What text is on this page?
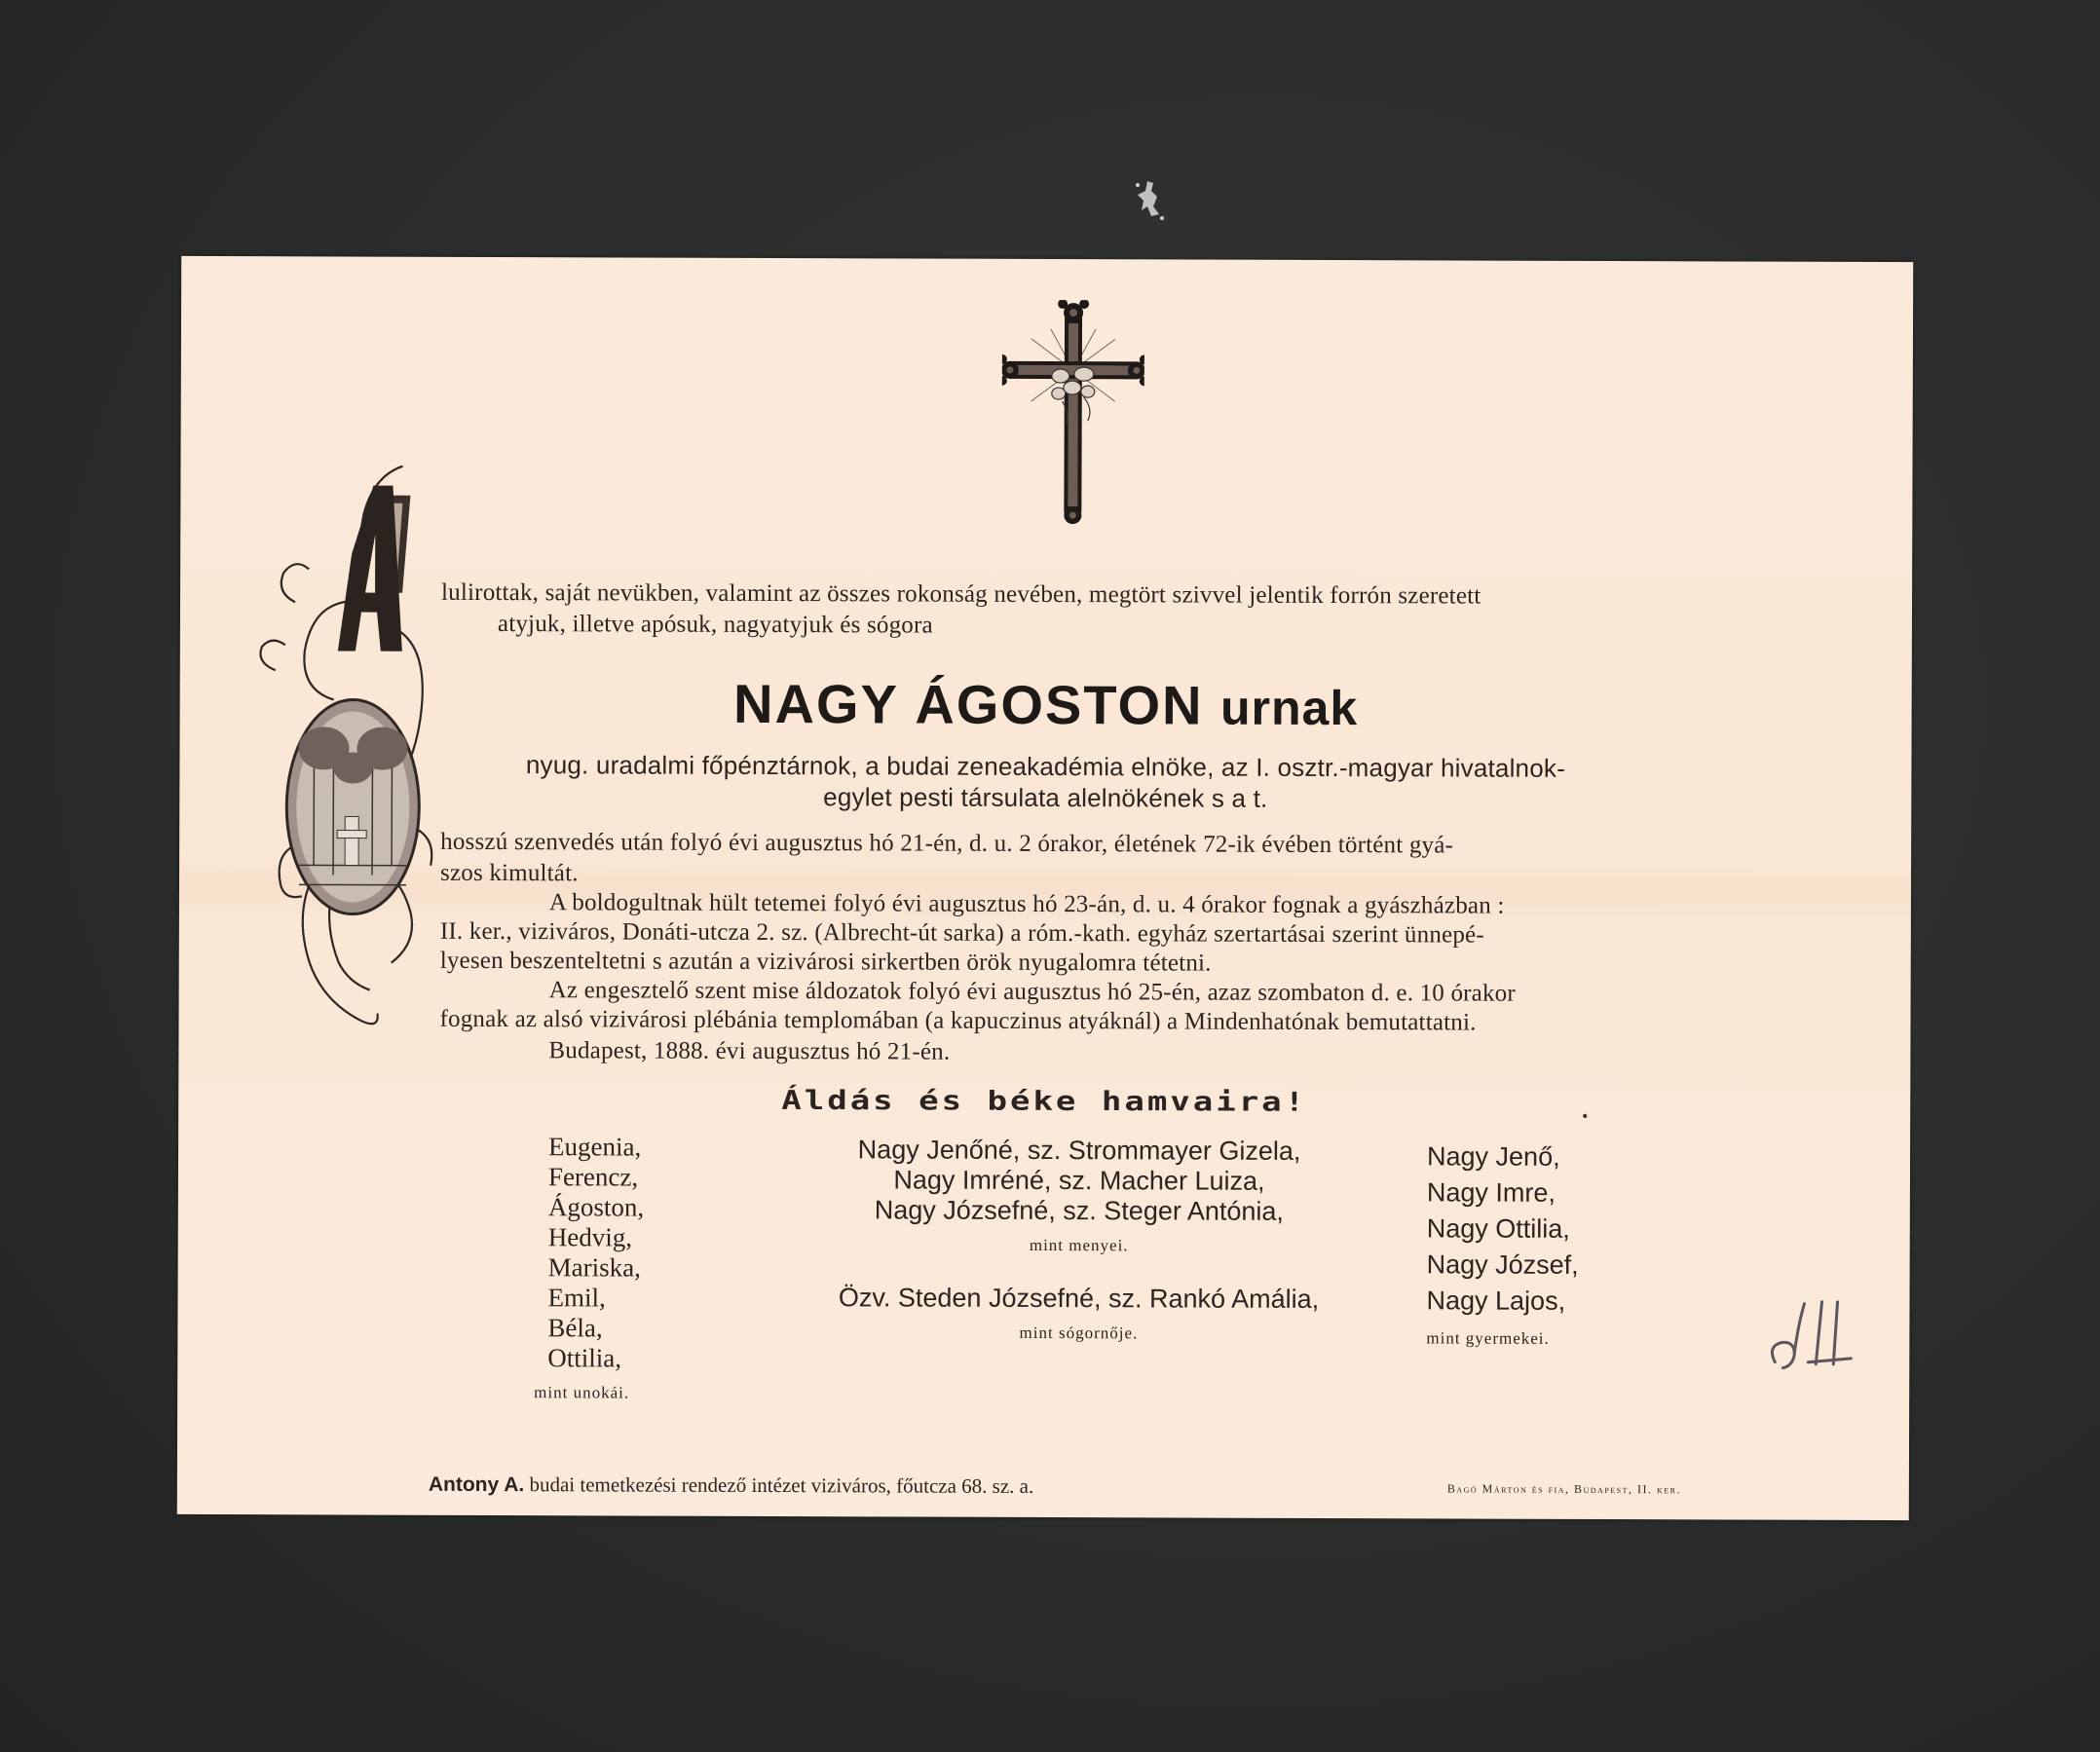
lulirottak, saját nevükben, valamint az összes rokonság nevében, megtört szivvel jelentik forrón szeretett
atyjuk, illetve apósuk, nagyatyjuk és sógora
NAGY ÁGOSTON urnak
nyug. uradalmi főpénztárnok, a budai zeneakadémia elnöke, az I. osztr.-magyar hivatalnok-
egylet pesti társulata alelnökének s a t.
hosszú szenvedés után folyó évi augusztus hó 21-én, d. u. 2 órakor, életének 72-ik évében történt gyá-
szos kimultát.
A boldogultnak hült tetemei folyó évi augusztus hó 23-án, d. u. 4 órakor fognak a gyászházban :
II. ker., viziváros, Donáti-utcza 2. sz. (Albrecht-út sarka) a róm.-kath. egyház szertartásai szerint ünnepé-
lyesen beszenteltetni s azután a vizivárosi sirkertben örök nyugalomra tétetni.
Az engesztelő szent mise áldozatok folyó évi augusztus hó 25-én, azaz szombaton d. e. 10 órakor
fognak az alsó vizivárosi plébánia templomában (a kapuczinus atyáknál) a Mindenhatónak bemutattatni.
Budapest, 1888. évi augusztus hó 21-én.
Áldás és béke hamvaira!
Eugenia,
Ferencz,
Ágoston,
Hedvig,
Mariska,
Emil,
Béla,
Ottilia,
mint unokái.
Nagy Jenőné, sz. Strommayer Gizela,
Nagy Imréné, sz. Macher Luiza,
Nagy Józsefné, sz. Steger Antónia,
mint menyei.
Özv. Steden Józsefné, sz. Rankó Amália,
mint sógornője.
Nagy Jenő,
Nagy Imre,
Nagy Ottilia,
Nagy József,
Nagy Lajos,
mint gyermekei.
Antony A. budai temetkezési rendező intézet viziváros, főutcza 68. sz. a.	Bagó Márton és fia, Budapest, II. ker.
